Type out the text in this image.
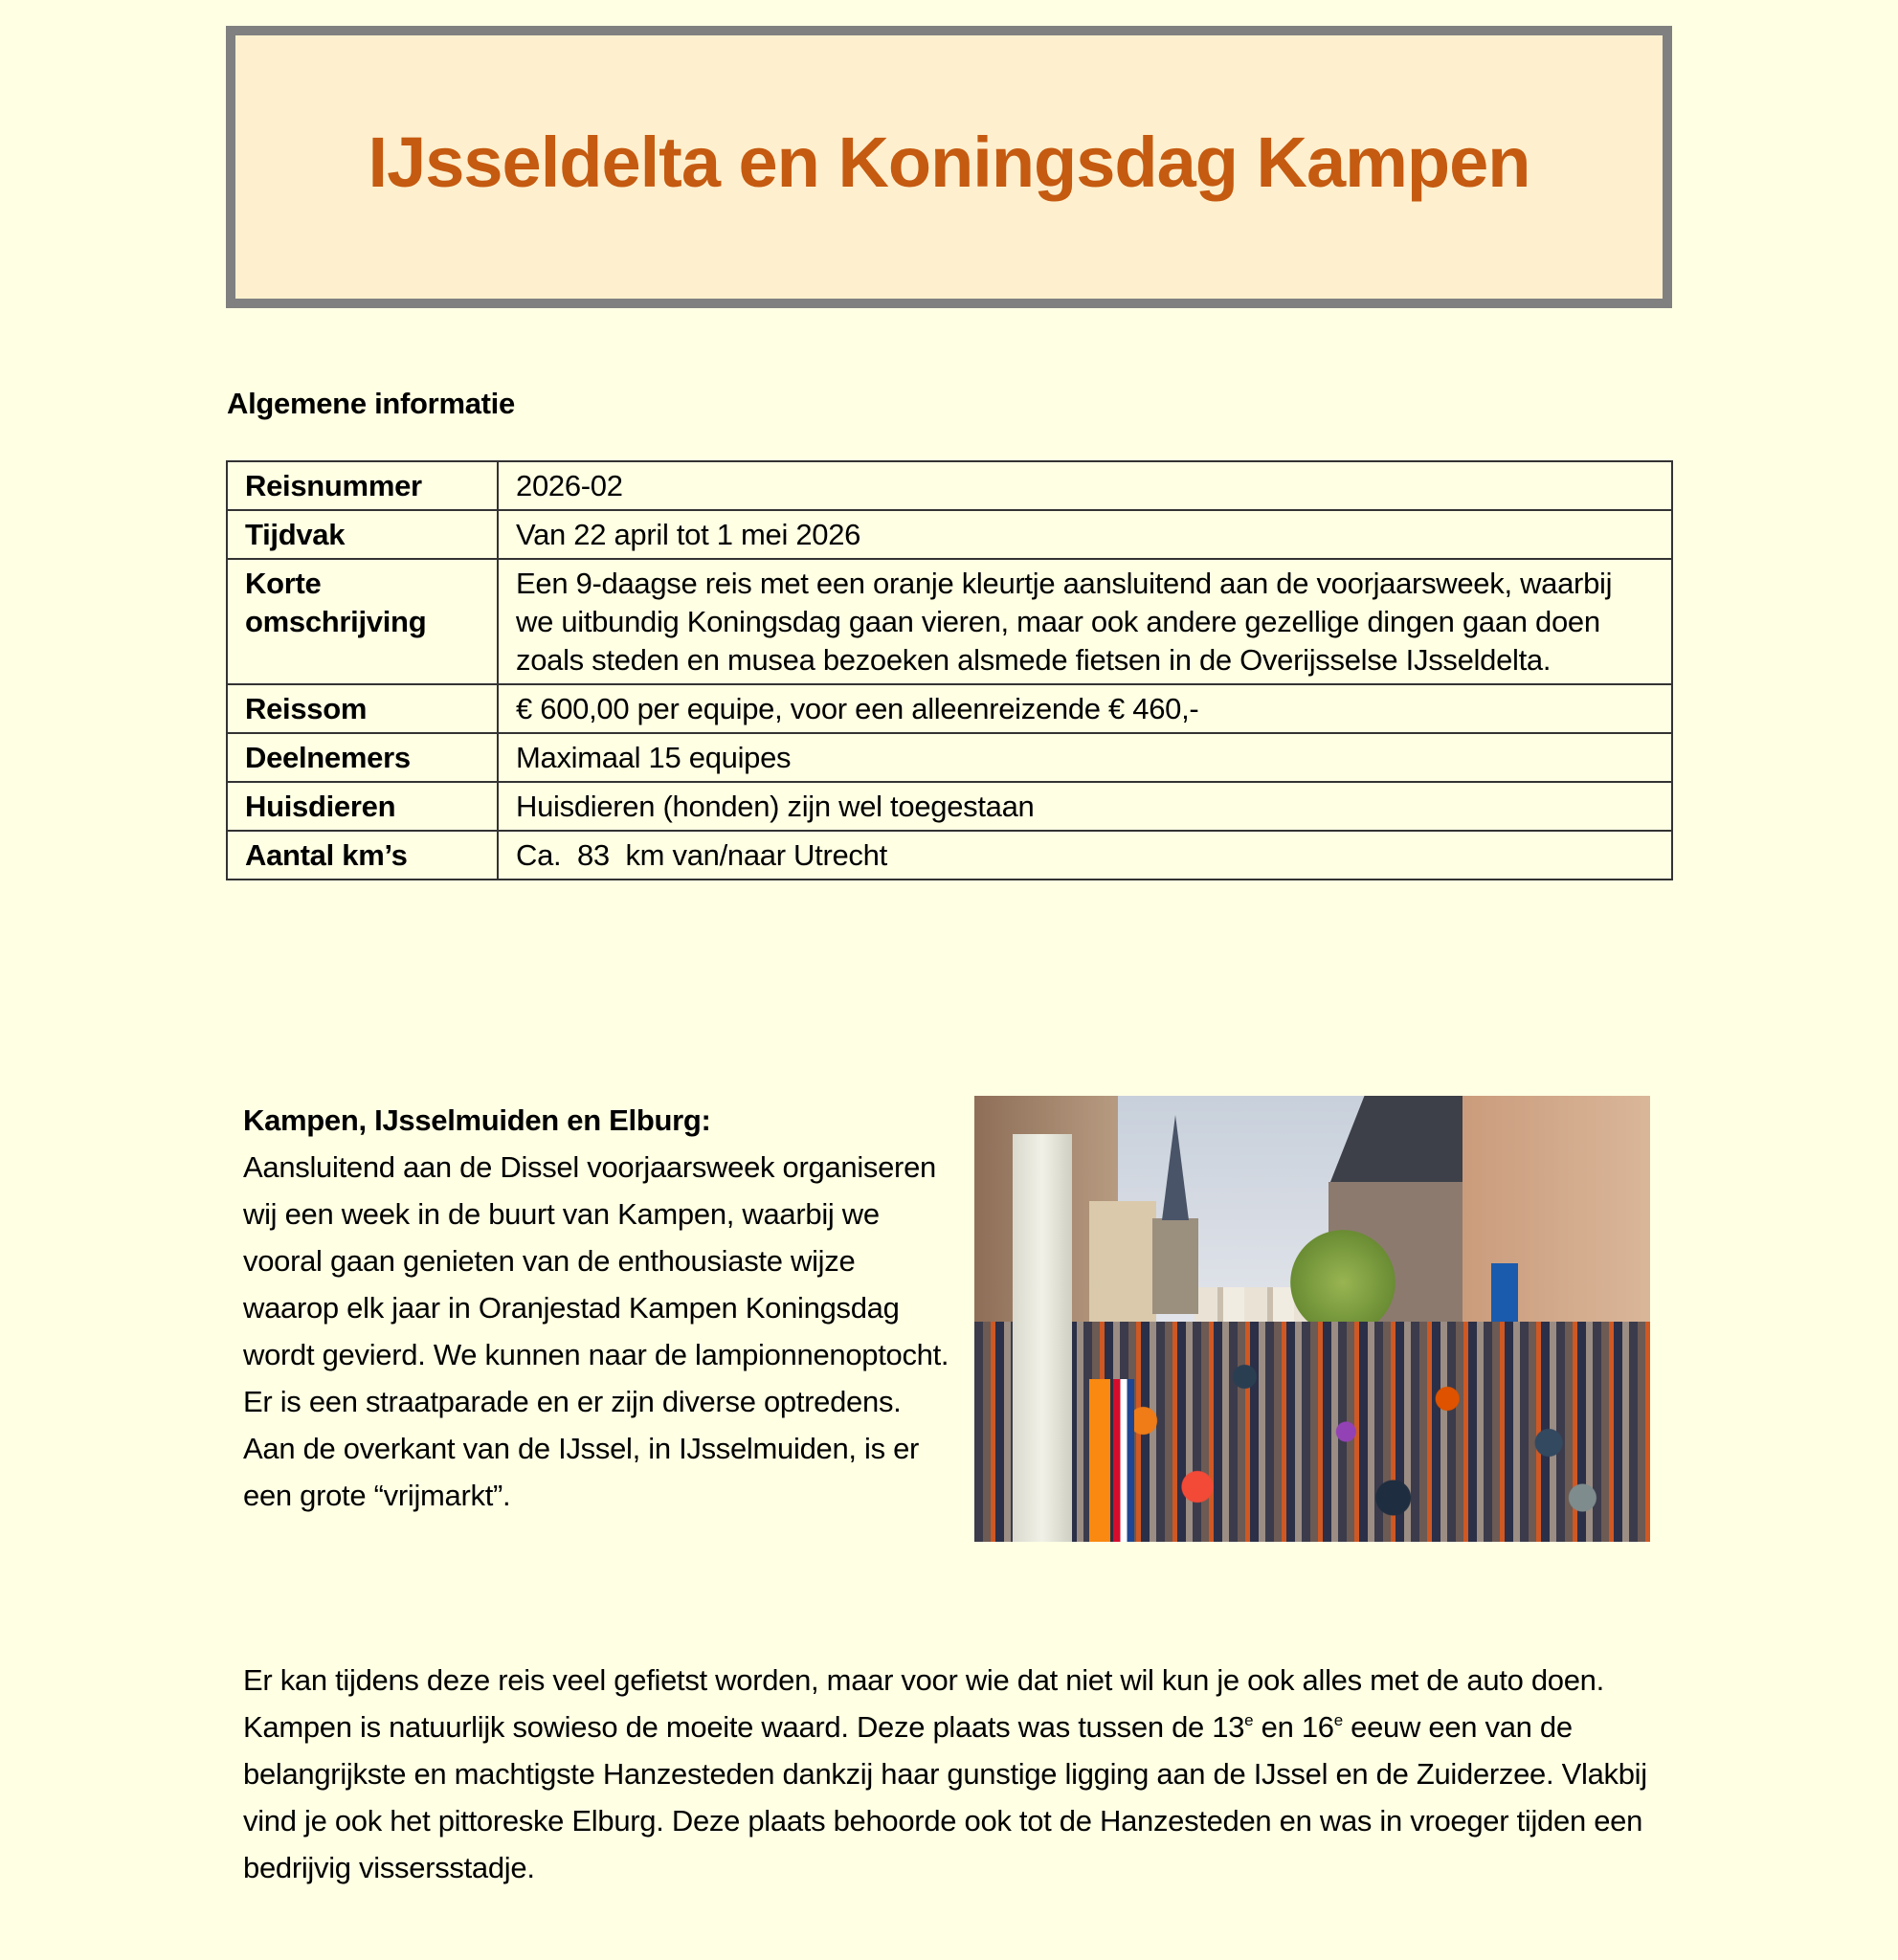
IJsseldelta en Koningsdag Kampen
Algemene informatie
Reisnummer	2026-02
Tijdvak	Van 22 april tot 1 mei 2026
Korte omschrijving	Een 9-daagse reis met een oranje kleurtje aansluitend aan de voorjaarsweek, waarbij we uitbundig Koningsdag gaan vieren, maar ook andere gezellige dingen gaan doen zoals steden en musea bezoeken alsmede fietsen in de Overijsselse IJsseldelta.
Reissom	€ 600,00 per equipe, voor een alleenreizende € 460,-
Deelnemers	Maximaal 15 equipes
Huisdieren	Huisdieren (honden) zijn wel toegestaan
Aantal km’s	Ca.  83  km van/naar Utrecht
Kampen, IJsselmuiden en Elburg:
Aansluitend aan de Dissel voorjaarsweek organiseren wij een week in de buurt van Kampen, waarbij we vooral gaan genieten van de enthousiaste wijze waarop elk jaar in Oranjestad Kampen Koningsdag wordt gevierd. We kunnen naar de lampionnenoptocht. Er is een straatparade en er zijn diverse optredens. Aan de overkant van de IJssel, in IJsselmuiden, is er een grote “vrijmarkt”.

Er kan tijdens deze reis veel gefietst worden, maar voor wie dat niet wil kun je ook alles met de auto doen. Kampen is natuurlijk sowieso de moeite waard. Deze plaats was tussen de 13e en 16e eeuw een van de belangrijkste en machtigste Hanzesteden dankzij haar gunstige ligging aan de IJssel en de Zuiderzee. Vlakbij vind je ook het pittoreske Elburg. Deze plaats behoorde ook tot de Hanzesteden en was in vroeger tijden een bedrijvig vissersstadje.
